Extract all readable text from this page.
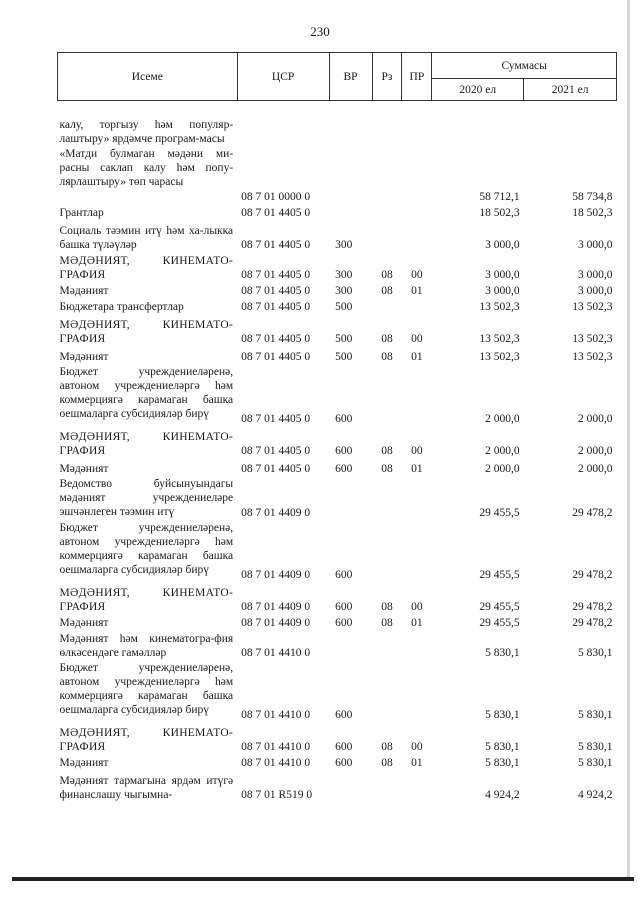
230
Исеме	ЦСР	ВР	Рз	ПР	Суммасы	
					2020 ел	2021 ел
калу, торгызу һәм популяр-лаштыру» ярдәмче програм-масы						
«Матди булмаган мәдәни ми-расны саклап калу һәм попу-лярлаштыру» төп чарасы	08 7 01 0000 0				58 712,1	58 734,8
Грантлар	08 7 01 4405 0				18 502,3	18 502,3
Социаль тәэмин итү һәм ха-лыкка башка түләүләр	08 7 01 4405 0	300			3 000,0	3 000,0
МӘДӘНИЯТ, КИНЕМАТО-ГРАФИЯ	08 7 01 4405 0	300	08	00	3 000,0	3 000,0
Мәдәният	08 7 01 4405 0	300	08	01	3 000,0	3 000,0
Бюджетара трансфертлар	08 7 01 4405 0	500			13 502,3	13 502,3
МӘДӘНИЯТ, КИНЕМАТО-ГРАФИЯ	08 7 01 4405 0	500	08	00	13 502,3	13 502,3
Мәдәният	08 7 01 4405 0	500	08	01	13 502,3	13 502,3
Бюджет учреждениеләренә, автоном учреждениеләргә һәм коммерциягә карамаган башка оешмаларга субсидияләр бирү	08 7 01 4405 0	600			2 000,0	2 000,0
МӘДӘНИЯТ, КИНЕМАТО-ГРАФИЯ	08 7 01 4405 0	600	08	00	2 000,0	2 000,0
Мәдәният	08 7 01 4405 0	600	08	01	2 000,0	2 000,0
Ведомство буйсынуындагы мәдәният учреждениеләре эшчәнлеген тәэмин итү	08 7 01 4409 0				29 455,5	29 478,2
Бюджет учреждениеләренә, автоном учреждениеләргә һәм коммерциягә карамаган башка оешмаларга субсидияләр бирү	08 7 01 4409 0	600			29 455,5	29 478,2
МӘДӘНИЯТ, КИНЕМАТО-ГРАФИЯ	08 7 01 4409 0	600	08	00	29 455,5	29 478,2
Мәдәният	08 7 01 4409 0	600	08	01	29 455,5	29 478,2
Мәдәният һәм кинематогра-фия өлкәсендәге гамәлләр	08 7 01 4410 0				5 830,1	5 830,1
Бюджет учреждениеләренә, автоном учреждениеләргә һәм коммерциягә карамаган башка оешмаларга субсидияләр бирү	08 7 01 4410 0	600			5 830,1	5 830,1
МӘДӘНИЯТ, КИНЕМАТО-ГРАФИЯ	08 7 01 4410 0	600	08	00	5 830,1	5 830,1
Мәдәният	08 7 01 4410 0	600	08	01	5 830,1	5 830,1
Мәдәният тармагына ярдәм итүгә финанслашу чыгымна-	08 7 01 R519 0				4 924,2	4 924,2
